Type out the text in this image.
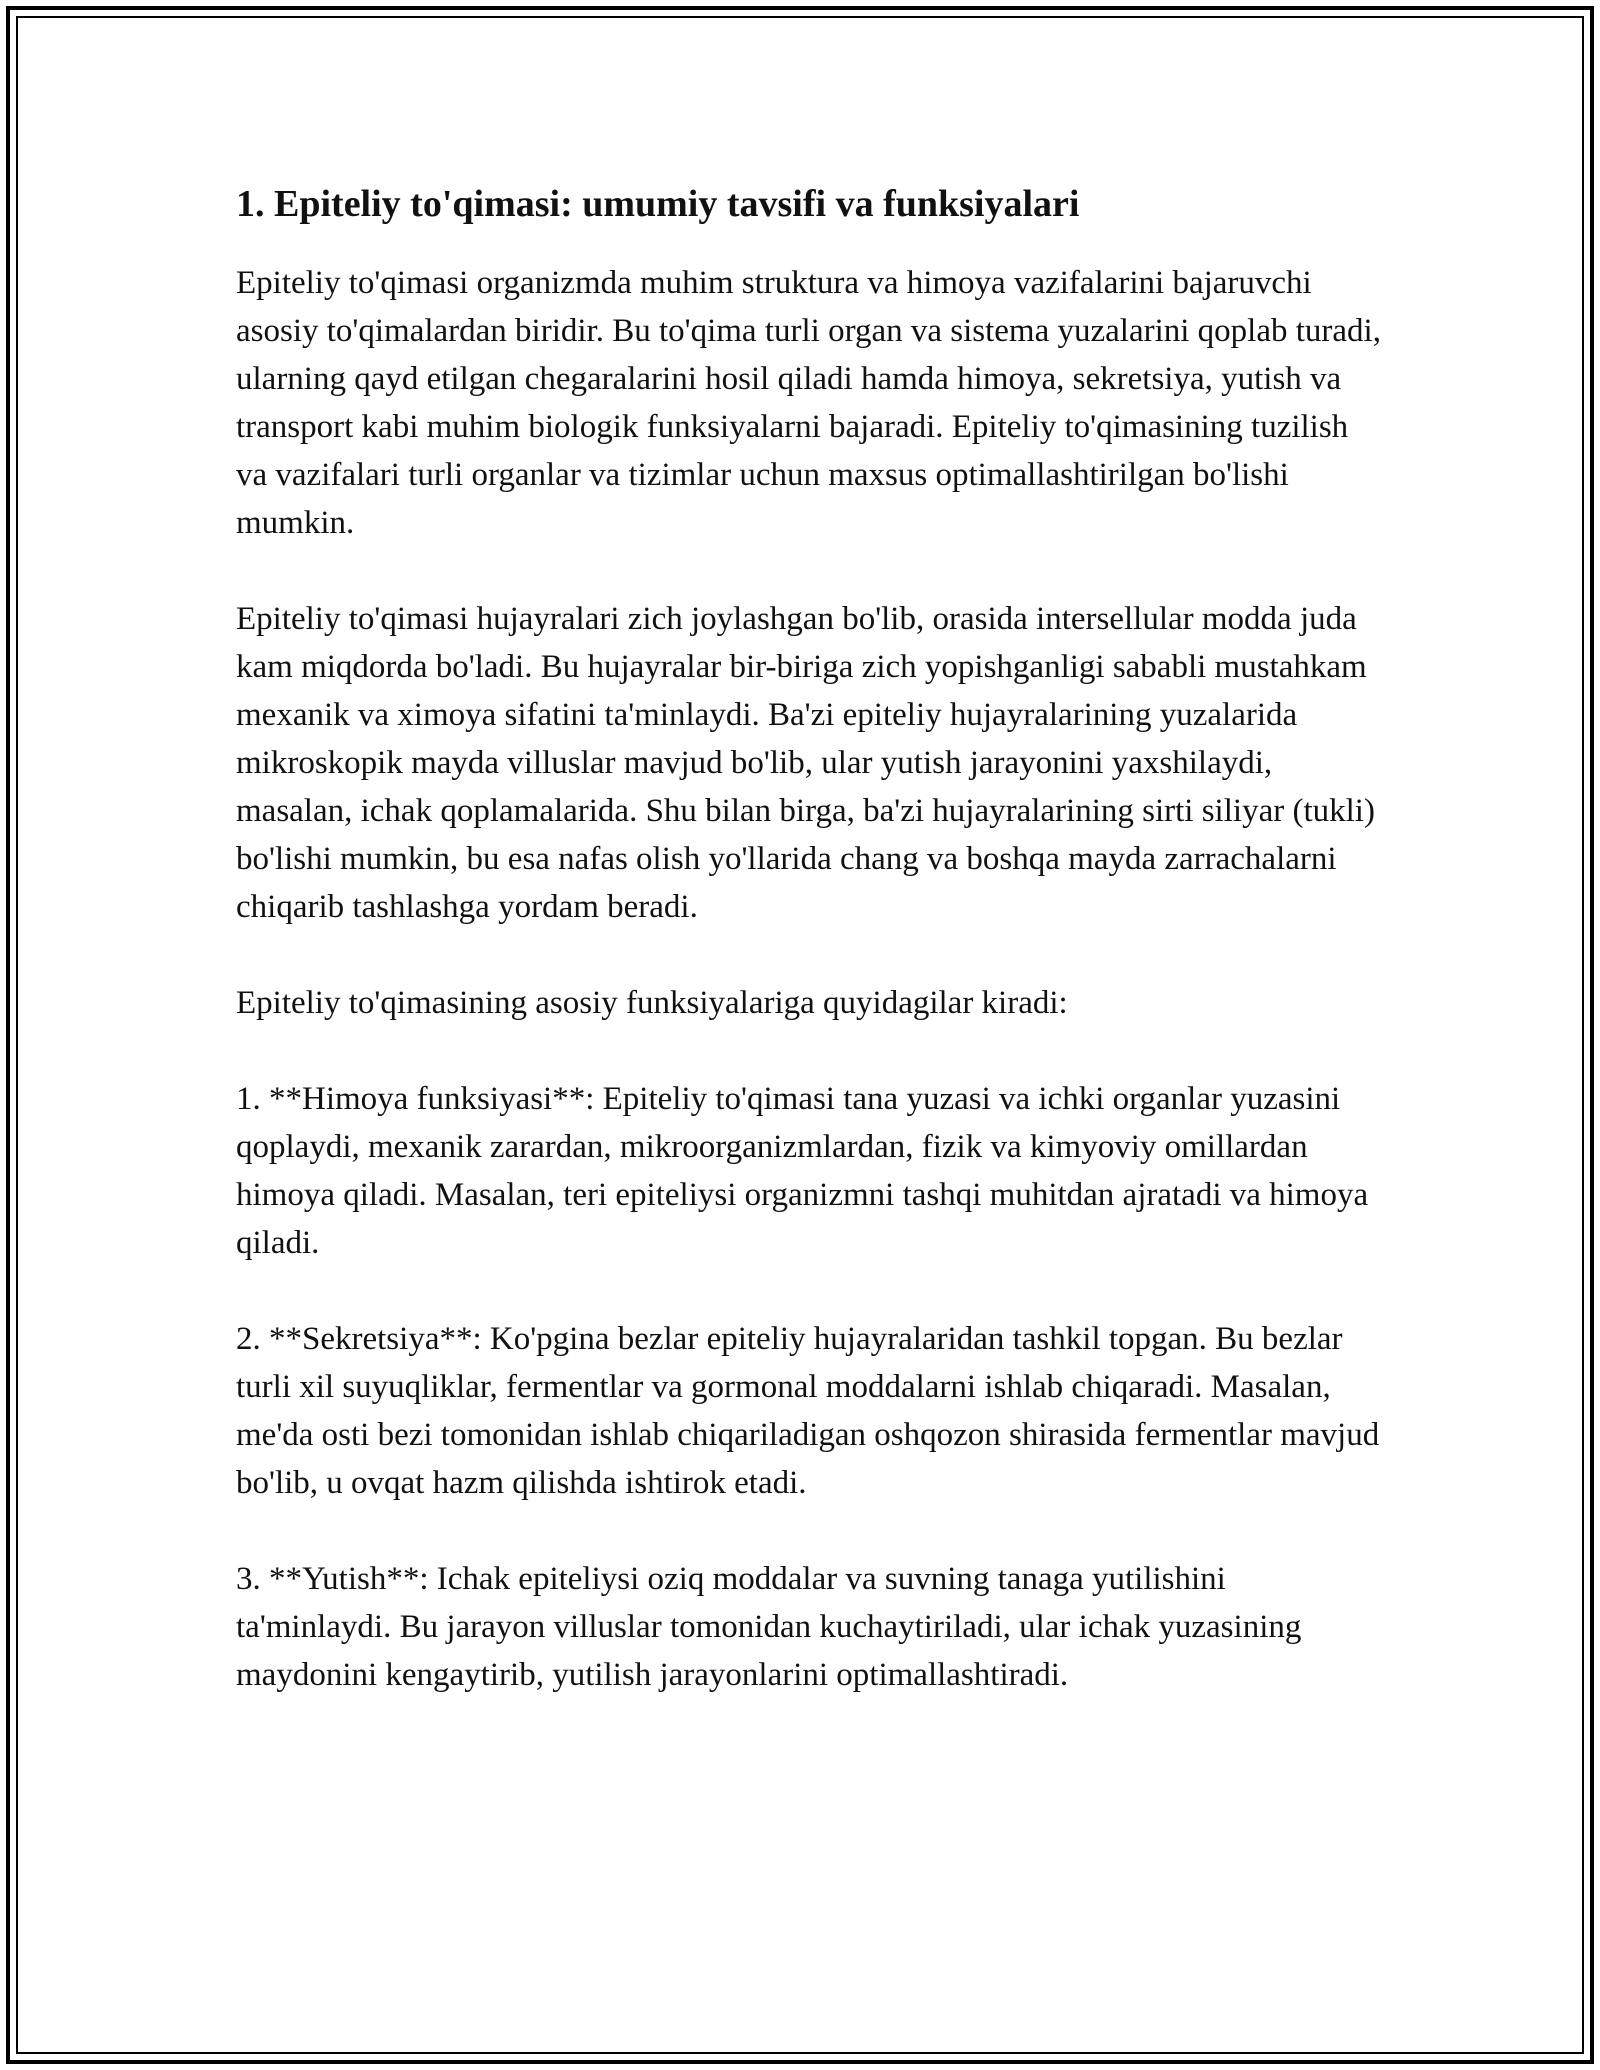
1. Epiteliy to'qimasi: umumiy tavsifi va funksiyalari

Epiteliy to'qimasi organizmda muhim struktura va himoya vazifalarini bajaruvchi asosiy to'qimalardan biridir. Bu to'qima turli organ va sistema yuzalarini qoplab turadi, ularning qayd etilgan chegaralarini hosil qiladi hamda himoya, sekretsiya, yutish va transport kabi muhim biologik funksiyalarni bajaradi. Epiteliy to'qimasining tuzilish va vazifalari turli organlar va tizimlar uchun maxsus optimallashtirilgan bo'lishi mumkin.

Epiteliy to'qimasi hujayralari zich joylashgan bo'lib, orasida intersellular modda juda kam miqdorda bo'ladi. Bu hujayralar bir-biriga zich yopishganligi sababli mustahkam mexanik va ximoya sifatini ta'minlaydi. Ba'zi epiteliy hujayralarining yuzalarida mikroskopik mayda villuslar mavjud bo'lib, ular yutish jarayonini yaxshilaydi, masalan, ichak qoplamalarida. Shu bilan birga, ba'zi hujayralarining sirti siliyar (tukli) bo'lishi mumkin, bu esa nafas olish yo'llarida chang va boshqa mayda zarrachalarni chiqarib tashlashga yordam beradi.

Epiteliy to'qimasining asosiy funksiyalariga quyidagilar kiradi:

1. **Himoya funksiyasi**: Epiteliy to'qimasi tana yuzasi va ichki organlar yuzasini qoplaydi, mexanik zarardan, mikroorganizmlardan, fizik va kimyoviy omillardan himoya qiladi. Masalan, teri epiteliysi organizmni tashqi muhitdan ajratadi va himoya qiladi.

2. **Sekretsiya**: Ko'pgina bezlar epiteliy hujayralaridan tashkil topgan. Bu bezlar turli xil suyuqliklar, fermentlar va gormonal moddalarni ishlab chiqaradi. Masalan, me'da osti bezi tomonidan ishlab chiqariladigan oshqozon shirasida fermentlar mavjud bo'lib, u ovqat hazm qilishda ishtirok etadi.

3. **Yutish**: Ichak epiteliysi oziq moddalar va suvning tanaga yutilishini ta'minlaydi. Bu jarayon villuslar tomonidan kuchaytiriladi, ular ichak yuzasining maydonini kengaytirib, yutilish jarayonlarini optimallashtiradi.
